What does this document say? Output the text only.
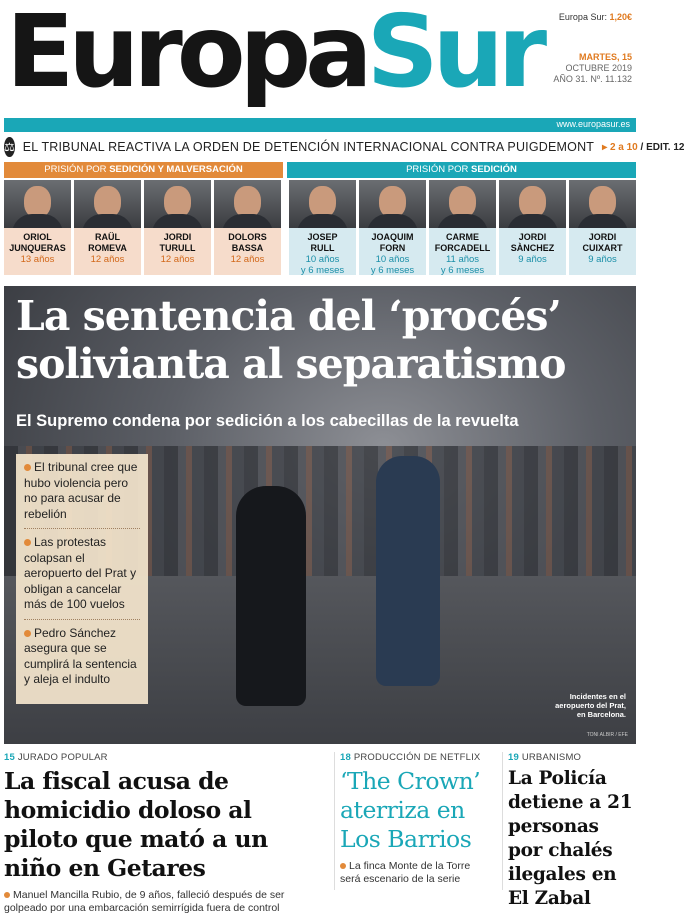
EuropaSur Europa Sur: 1,20€
MARTES, 15
OCTUBRE 2019
AÑO 31. Nº. 11.132
www.europasur.es
⚖ EL TRIBUNAL REACTIVA LA ORDEN DE DETENCIÓN INTERNACIONAL CONTRA PUIGDEMONT ▸ 2 a 10 / EDIT. 12
PRISIÓN POR SEDICIÓN Y MALVERSACIÓN	PRISIÓN POR SEDICIÓN
ORIOL
JUNQUERAS
13 años
RAÜL
ROMEVA
12 años
JORDI
TURULL
12 años
DOLORS
BASSA
12 años
JOSEP
RULL
10 años
y 6 meses
JOAQUIM
FORN
10 años
y 6 meses
CARME
FORCADELL
11 años
y 6 meses
JORDI
SÀNCHEZ
9 años
JORDI
CUIXART
9 años
La sentencia del ‘procés’
solivianta al separatismo
El Supremo condena por sedición a los cabecillas de la revuelta
El tribunal cree que hubo violencia pero no para acusar de rebelión
Las protestas colapsan el aeropuerto del Prat y obligan a cancelar más de 100 vuelos
Pedro Sánchez asegura que se cumplirá la sentencia y aleja el indulto
Incidentes en el
aeropuerto del Prat,
en Barcelona.
TONI ALBIR / EFE
15 JURADO POPULAR
La fiscal acusa de homicidio doloso al piloto que mató a un niño en Getares
Manuel Mancilla Rubio, de 9 años, falleció después de ser golpeado por una embarcación semirrígida fuera de control
18 PRODUCCIÓN DE NETFLIX
‘The Crown’ aterriza en Los Barrios
La finca Monte de la Torre será escenario de la serie
19 URBANISMO
La Policía detiene a 21 personas por chalés ilegales en El Zabal
